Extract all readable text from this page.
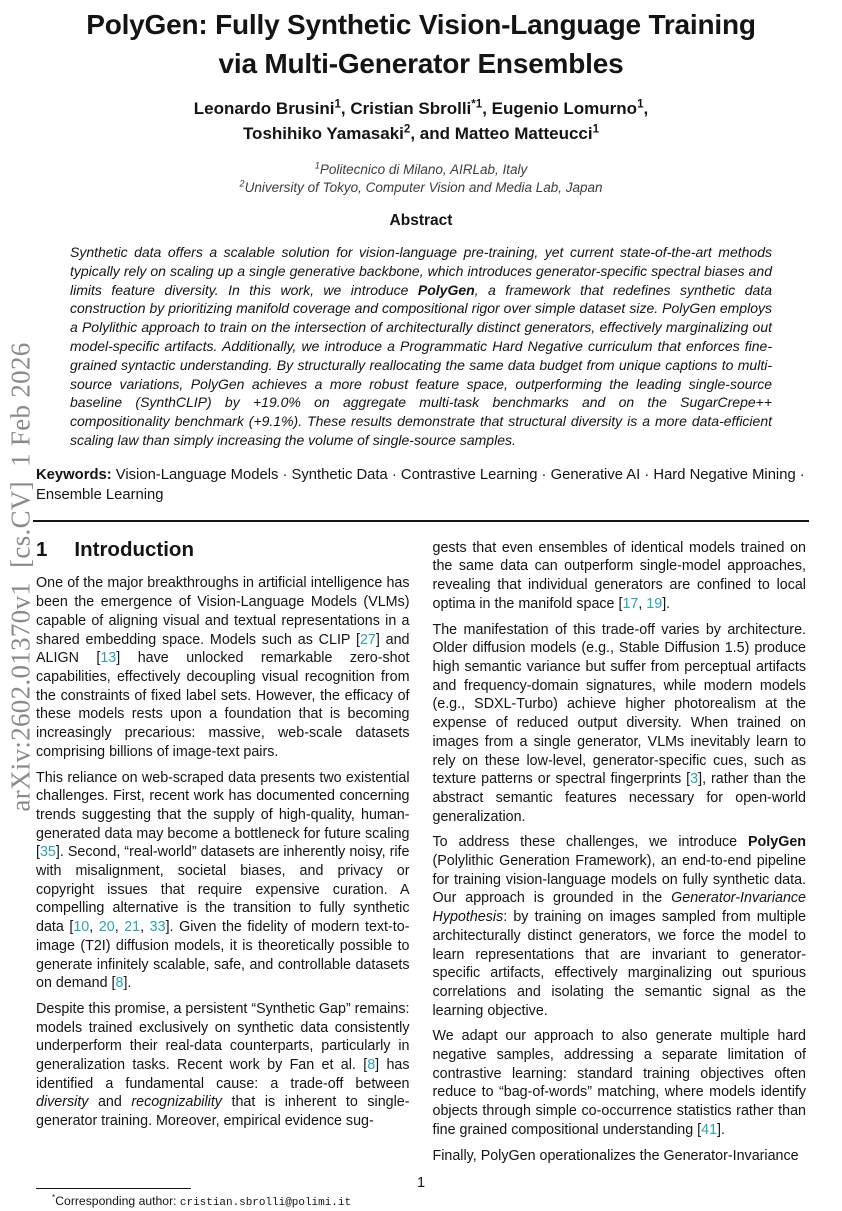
arXiv:2602.01370v1  [cs.CV]  1 Feb 2026
PolyGen: Fully Synthetic Vision-Language Training
via Multi-Generator Ensembles
Leonardo Brusini$^1$, Cristian Sbrolli$^{*1}$, Eugenio Lomurno$^1$,
Toshihiko Yamasaki$^2$, and Matteo Matteucci$^1$
$^1$Politecnico di Milano, AIRLab, Italy
$^2$University of Tokyo, Computer Vision and Media Lab, Japan
Abstract

Synthetic data offers a scalable solution for vision-language pre-training, yet current state-of-the-art methods typically rely on scaling up a single generative backbone, which introduces generator-specific spectral biases and limits feature diversity. In this work, we introduce PolyGen, a framework that redefines synthetic data construction by prioritizing manifold coverage and compositional rigor over simple dataset size. PolyGen employs a Polylithic approach to train on the intersection of architecturally distinct generators, effectively marginalizing out model-specific artifacts. Additionally, we introduce a Programmatic Hard Negative curriculum that enforces fine-grained syntactic understanding. By structurally reallocating the same data budget from unique captions to multi-source variations, PolyGen achieves a more robust feature space, outperforming the leading single-source baseline (SynthCLIP) by +19.0% on aggregate multi-task benchmarks and on the SugarCrepe++ compositionality benchmark (+9.1%). These results demonstrate that structural diversity is a more data-efficient scaling law than simply increasing the volume of single-source samples.

Keywords: Vision-Language Models · Synthetic Data · Contrastive Learning · Generative AI · Hard Negative Mining · Ensemble Learning

1 Introduction

One of the major breakthroughs in artificial intelligence has been the emergence of Vision-Language Models (VLMs) capable of aligning visual and textual representations in a shared embedding space. Models such as CLIP [27] and ALIGN [13] have unlocked remarkable zero-shot capabilities, effectively decoupling visual recognition from the constraints of fixed label sets. However, the efficacy of these models rests upon a foundation that is becoming increasingly precarious: massive, web-scale datasets comprising billions of image-text pairs.

This reliance on web-scraped data presents two existential challenges. First, recent work has documented concerning trends suggesting that the supply of high-quality, human-generated data may become a bottleneck for future scaling [35]. Second, “real-world” datasets are inherently noisy, rife with misalignment, societal biases, and privacy or copyright issues that require expensive curation. A compelling alternative is the transition to fully synthetic data [10, 20, 21, 33]. Given the fidelity of modern text-to-image (T2I) diffusion models, it is theoretically possible to generate infinitely scalable, safe, and controllable datasets on demand [8].

Despite this promise, a persistent “Synthetic Gap” remains: models trained exclusively on synthetic data consistently underperform their real-data counterparts, particularly in generalization tasks. Recent work by Fan et al. [8] has identified a fundamental cause: a trade-off between diversity and recognizability that is inherent to single-generator training. Moreover, empirical evidence sug-

*Corresponding author: cristian.sbrolli@polimi.it

gests that even ensembles of identical models trained on the same data can outperform single-model approaches, revealing that individual generators are confined to local optima in the manifold space [17, 19].

The manifestation of this trade-off varies by architecture. Older diffusion models (e.g., Stable Diffusion 1.5) produce high semantic variance but suffer from perceptual artifacts and frequency-domain signatures, while modern models (e.g., SDXL-Turbo) achieve higher photorealism at the expense of reduced output diversity. When trained on images from a single generator, VLMs inevitably learn to rely on these low-level, generator-specific cues, such as texture patterns or spectral fingerprints [3], rather than the abstract semantic features necessary for open-world generalization.

To address these challenges, we introduce PolyGen (Polylithic Generation Framework), an end-to-end pipeline for training vision-language models on fully synthetic data. Our approach is grounded in the Generator-Invariance Hypothesis: by training on images sampled from multiple architecturally distinct generators, we force the model to learn representations that are invariant to generator-specific artifacts, effectively marginalizing out spurious correlations and isolating the semantic signal as the learning objective.

We adapt our approach to also generate multiple hard negative samples, addressing a separate limitation of contrastive learning: standard training objectives often reduce to “bag-of-words” matching, where models identify objects through simple co-occurrence statistics rather than fine grained compositional understanding [41].

Finally, PolyGen operationalizes the Generator-Invariance

1
